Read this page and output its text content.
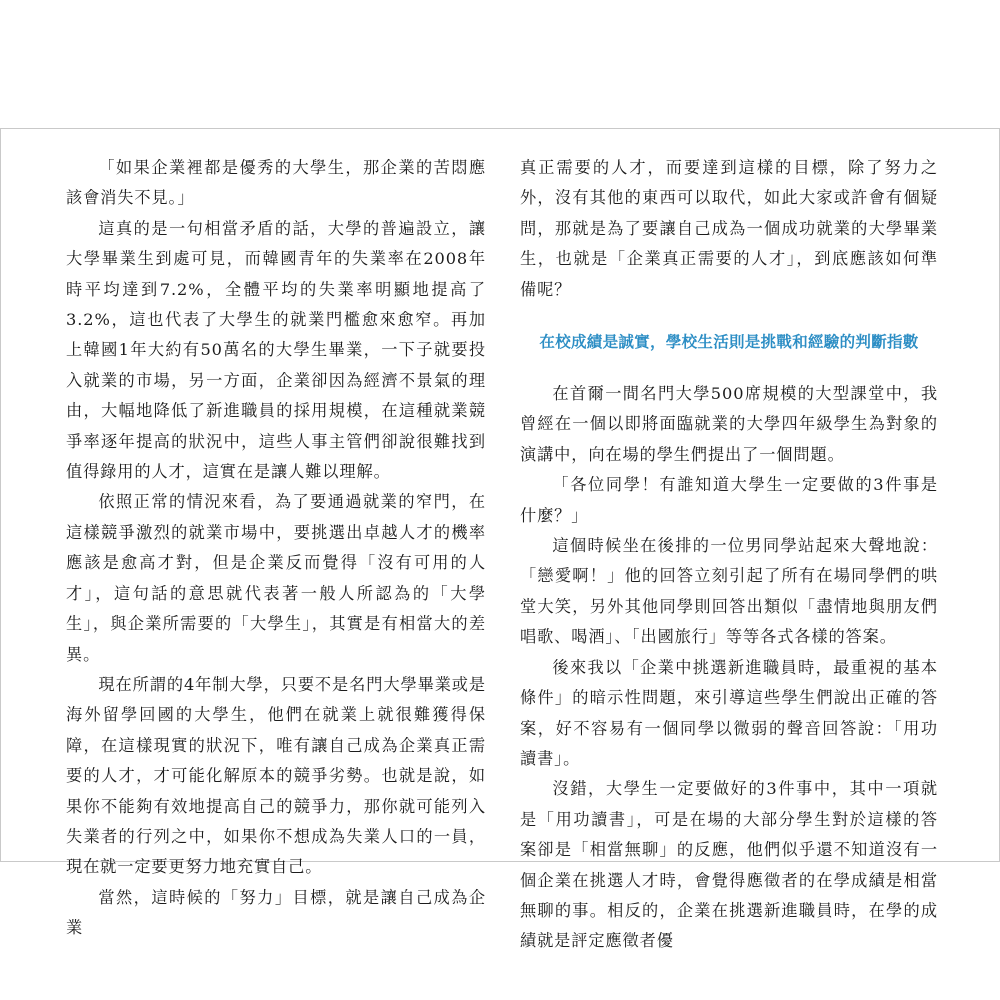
「如果企業裡都是優秀的大學生，那企業的苦悶應該會消失不見。」

這真的是一句相當矛盾的話，大學的普遍設立，讓大學畢業生到處可見，而韓國青年的失業率在2008年時平均達到7.2%，全體平均的失業率明顯地提高了3.2%，這也代表了大學生的就業門檻愈來愈窄。再加上韓國1年大約有50萬名的大學生畢業，一下子就要投入就業的市場，另一方面，企業卻因為經濟不景氣的理由，大幅地降低了新進職員的採用規模，在這種就業競爭率逐年提高的狀況中，這些人事主管們卻說很難找到值得錄用的人才，這實在是讓人難以理解。

依照正常的情況來看，為了要通過就業的窄門，在這樣競爭激烈的就業市場中，要挑選出卓越人才的機率應該是愈高才對，但是企業反而覺得「沒有可用的人才」，這句話的意思就代表著一般人所認為的「大學生」，與企業所需要的「大學生」，其實是有相當大的差異。

現在所謂的4年制大學，只要不是名門大學畢業或是海外留學回國的大學生，他們在就業上就很難獲得保障，在這樣現實的狀況下，唯有讓自己成為企業真正需要的人才，才可能化解原本的競爭劣勢。也就是說，如果你不能夠有效地提高自己的競爭力，那你就可能列入失業者的行列之中，如果你不想成為失業人口的一員，現在就一定要更努力地充實自己。

當然，這時候的「努力」目標，就是讓自己成為企業

真正需要的人才，而要達到這樣的目標，除了努力之外，沒有其他的東西可以取代，如此大家或許會有個疑問，那就是為了要讓自己成為一個成功就業的大學畢業生，也就是「企業真正需要的人才」，到底應該如何準備呢？

在校成績是誠實，學校生活則是挑戰和經驗的判斷指數

在首爾一間名門大學500席規模的大型課堂中，我曾經在一個以即將面臨就業的大學四年級學生為對象的演講中，向在場的學生們提出了一個問題。

「各位同學！有誰知道大學生一定要做的3件事是什麼？」

這個時候坐在後排的一位男同學站起來大聲地說：「戀愛啊！」他的回答立刻引起了所有在場同學們的哄堂大笑，另外其他同學則回答出類似「盡情地與朋友們唱歌、喝酒」、「出國旅行」等等各式各樣的答案。

後來我以「企業中挑選新進職員時，最重視的基本條件」的暗示性問題，來引導這些學生們說出正確的答案，好不容易有一個同學以微弱的聲音回答說：「用功讀書」。

沒錯，大學生一定要做好的3件事中，其中一項就是「用功讀書」，可是在場的大部分學生對於這樣的答案卻是「相當無聊」的反應，他們似乎還不知道沒有一個企業在挑選人才時，會覺得應徵者的在學成績是相當無聊的事。相反的，企業在挑選新進職員時，在學的成績就是評定應徵者優
